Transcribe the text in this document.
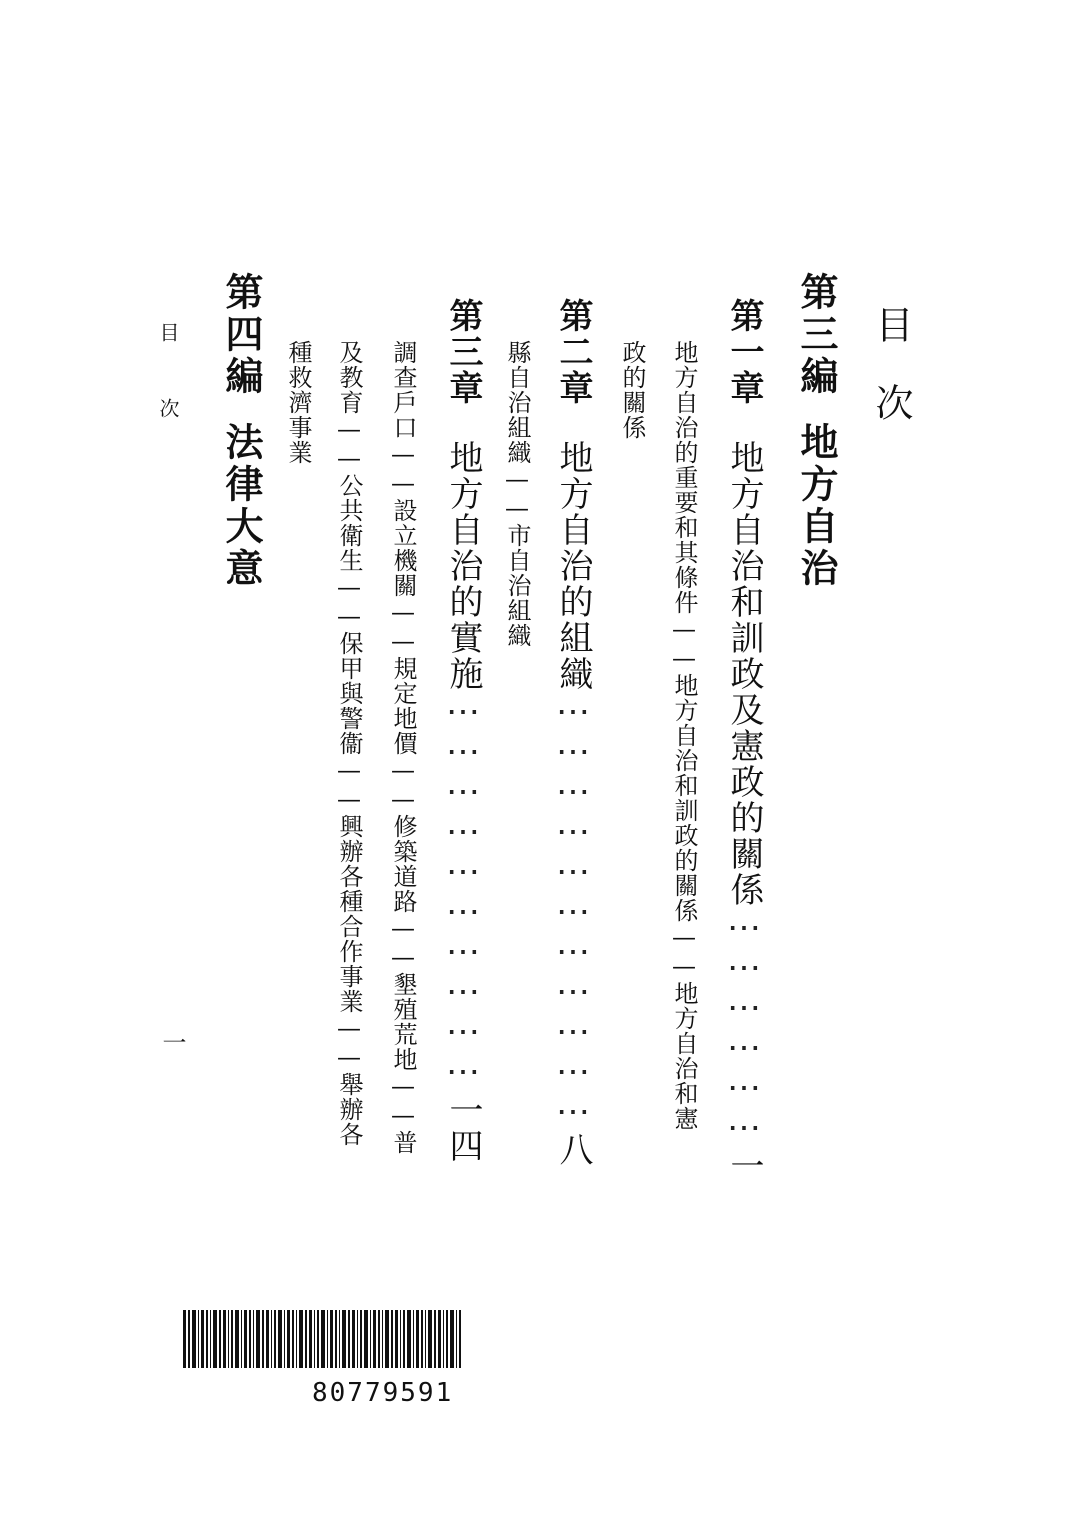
目次
第三編地方自治
第一章地方自治和訓政及憲政的關係⋯⋯⋯⋯⋯⋯一
地方自治的重要和其條件——地方自治和訓政的關係——地方自治和憲
政的關係
第二章地方自治的組織⋯⋯⋯⋯⋯⋯⋯⋯⋯⋯⋯八
縣自治組織——市自治組織
第三章地方自治的實施⋯⋯⋯⋯⋯⋯⋯⋯⋯⋯一四
調查戶口——設立機關——規定地價——修築道路——墾殖荒地——普
及教育——公共衛生——保甲與警衞——興辦各種合作事業——舉辦各
種救濟事業
第四編法律大意
目次
一
80779591
